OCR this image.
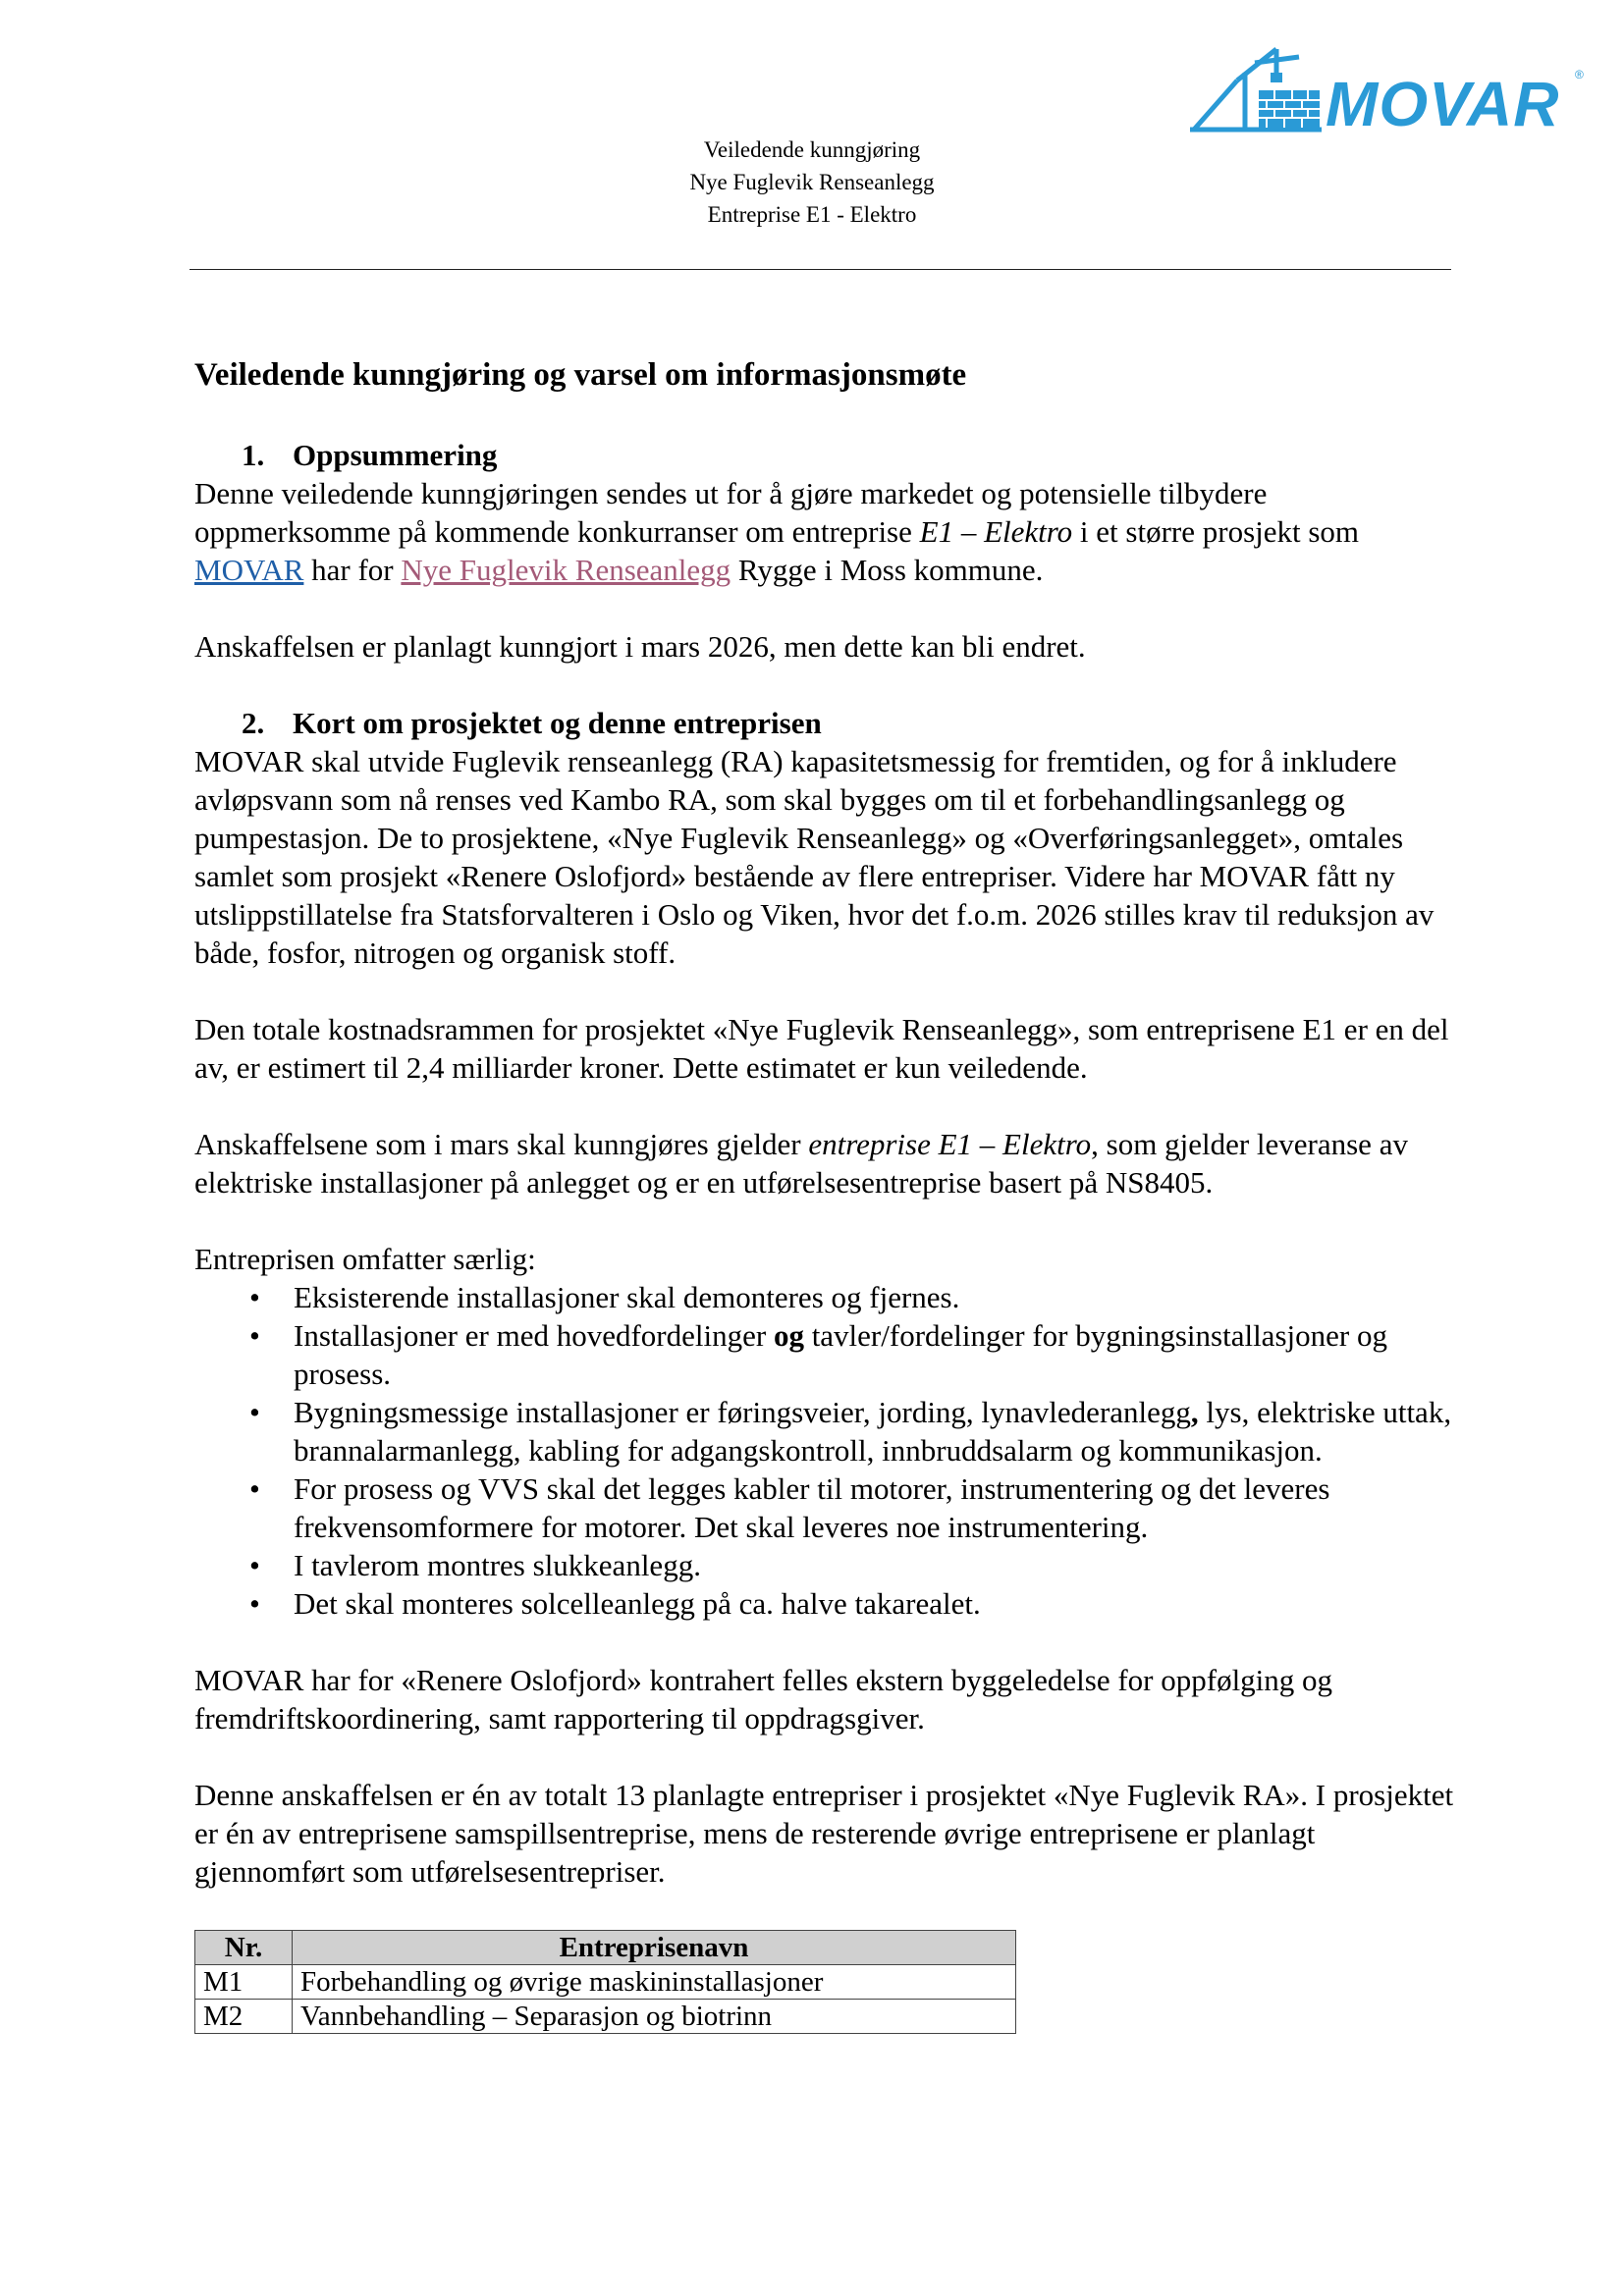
MOVAR ®
Veiledende kunngjøring
Nye Fuglevik Renseanlegg
Entreprise E1 - Elektro
Veiledende kunngjøring og varsel om informasjonsmøte

1. Oppsummering

Denne veiledende kunngjøringen sendes ut for å gjøre markedet og potensielle tilbydere oppmerksomme på kommende konkurranser om entreprise E1 – Elektro i et større prosjekt som MOVAR har for Nye Fuglevik Renseanlegg Rygge i Moss kommune.

Anskaffelsen er planlagt kunngjort i mars 2026, men dette kan bli endret.

2. Kort om prosjektet og denne entreprisen

MOVAR skal utvide Fuglevik renseanlegg (RA) kapasitetsmessig for fremtiden, og for å inkludere avløpsvann som nå renses ved Kambo RA, som skal bygges om til et forbehandlingsanlegg og pumpestasjon. De to prosjektene, «Nye Fuglevik Renseanlegg» og «Overføringsanlegget», omtales samlet som prosjekt «Renere Oslofjord» bestående av flere entrepriser. Videre har MOVAR fått ny utslippstillatelse fra Statsforvalteren i Oslo og Viken, hvor det f.o.m. 2026 stilles krav til reduksjon av både, fosfor, nitrogen og organisk stoff.

Den totale kostnadsrammen for prosjektet «Nye Fuglevik Renseanlegg», som entreprisene E1 er en del av, er estimert til 2,4 milliarder kroner. Dette estimatet er kun veiledende.

Anskaffelsene som i mars skal kunngjøres gjelder entreprise E1 – Elektro, som gjelder leveranse av elektriske installasjoner på anlegget og er en utførelsesentreprise basert på NS8405.

Entreprisen omfatter særlig:

• Eksisterende installasjoner skal demonteres og fjernes.
• Installasjoner er med hovedfordelinger og tavler/fordelinger for bygningsinstallasjoner og prosess.
• Bygningsmessige installasjoner er føringsveier, jording, lynavlederanlegg, lys, elektriske uttak, brannalarmanlegg, kabling for adgangskontroll, innbruddsalarm og kommunikasjon.
• For prosess og VVS skal det legges kabler til motorer, instrumentering og det leveres frekvensomformere for motorer. Det skal leveres noe instrumentering.
• I tavlerom montres slukkeanlegg.
• Det skal monteres solcelleanlegg på ca. halve takarealet.

MOVAR har for «Renere Oslofjord» kontrahert felles ekstern byggeledelse for oppfølging og fremdriftskoordinering, samt rapportering til oppdragsgiver.

Denne anskaffelsen er én av totalt 13 planlagte entrepriser i prosjektet «Nye Fuglevik RA». I prosjektet er én av entreprisene samspillsentreprise, mens de resterende øvrige entreprisene er planlagt gjennomført som utførelsesentrepriser.

Nr.	Entreprisenavn
M1	Forbehandling og øvrige maskininstallasjoner
M2	Vannbehandling – Separasjon og biotrinn
